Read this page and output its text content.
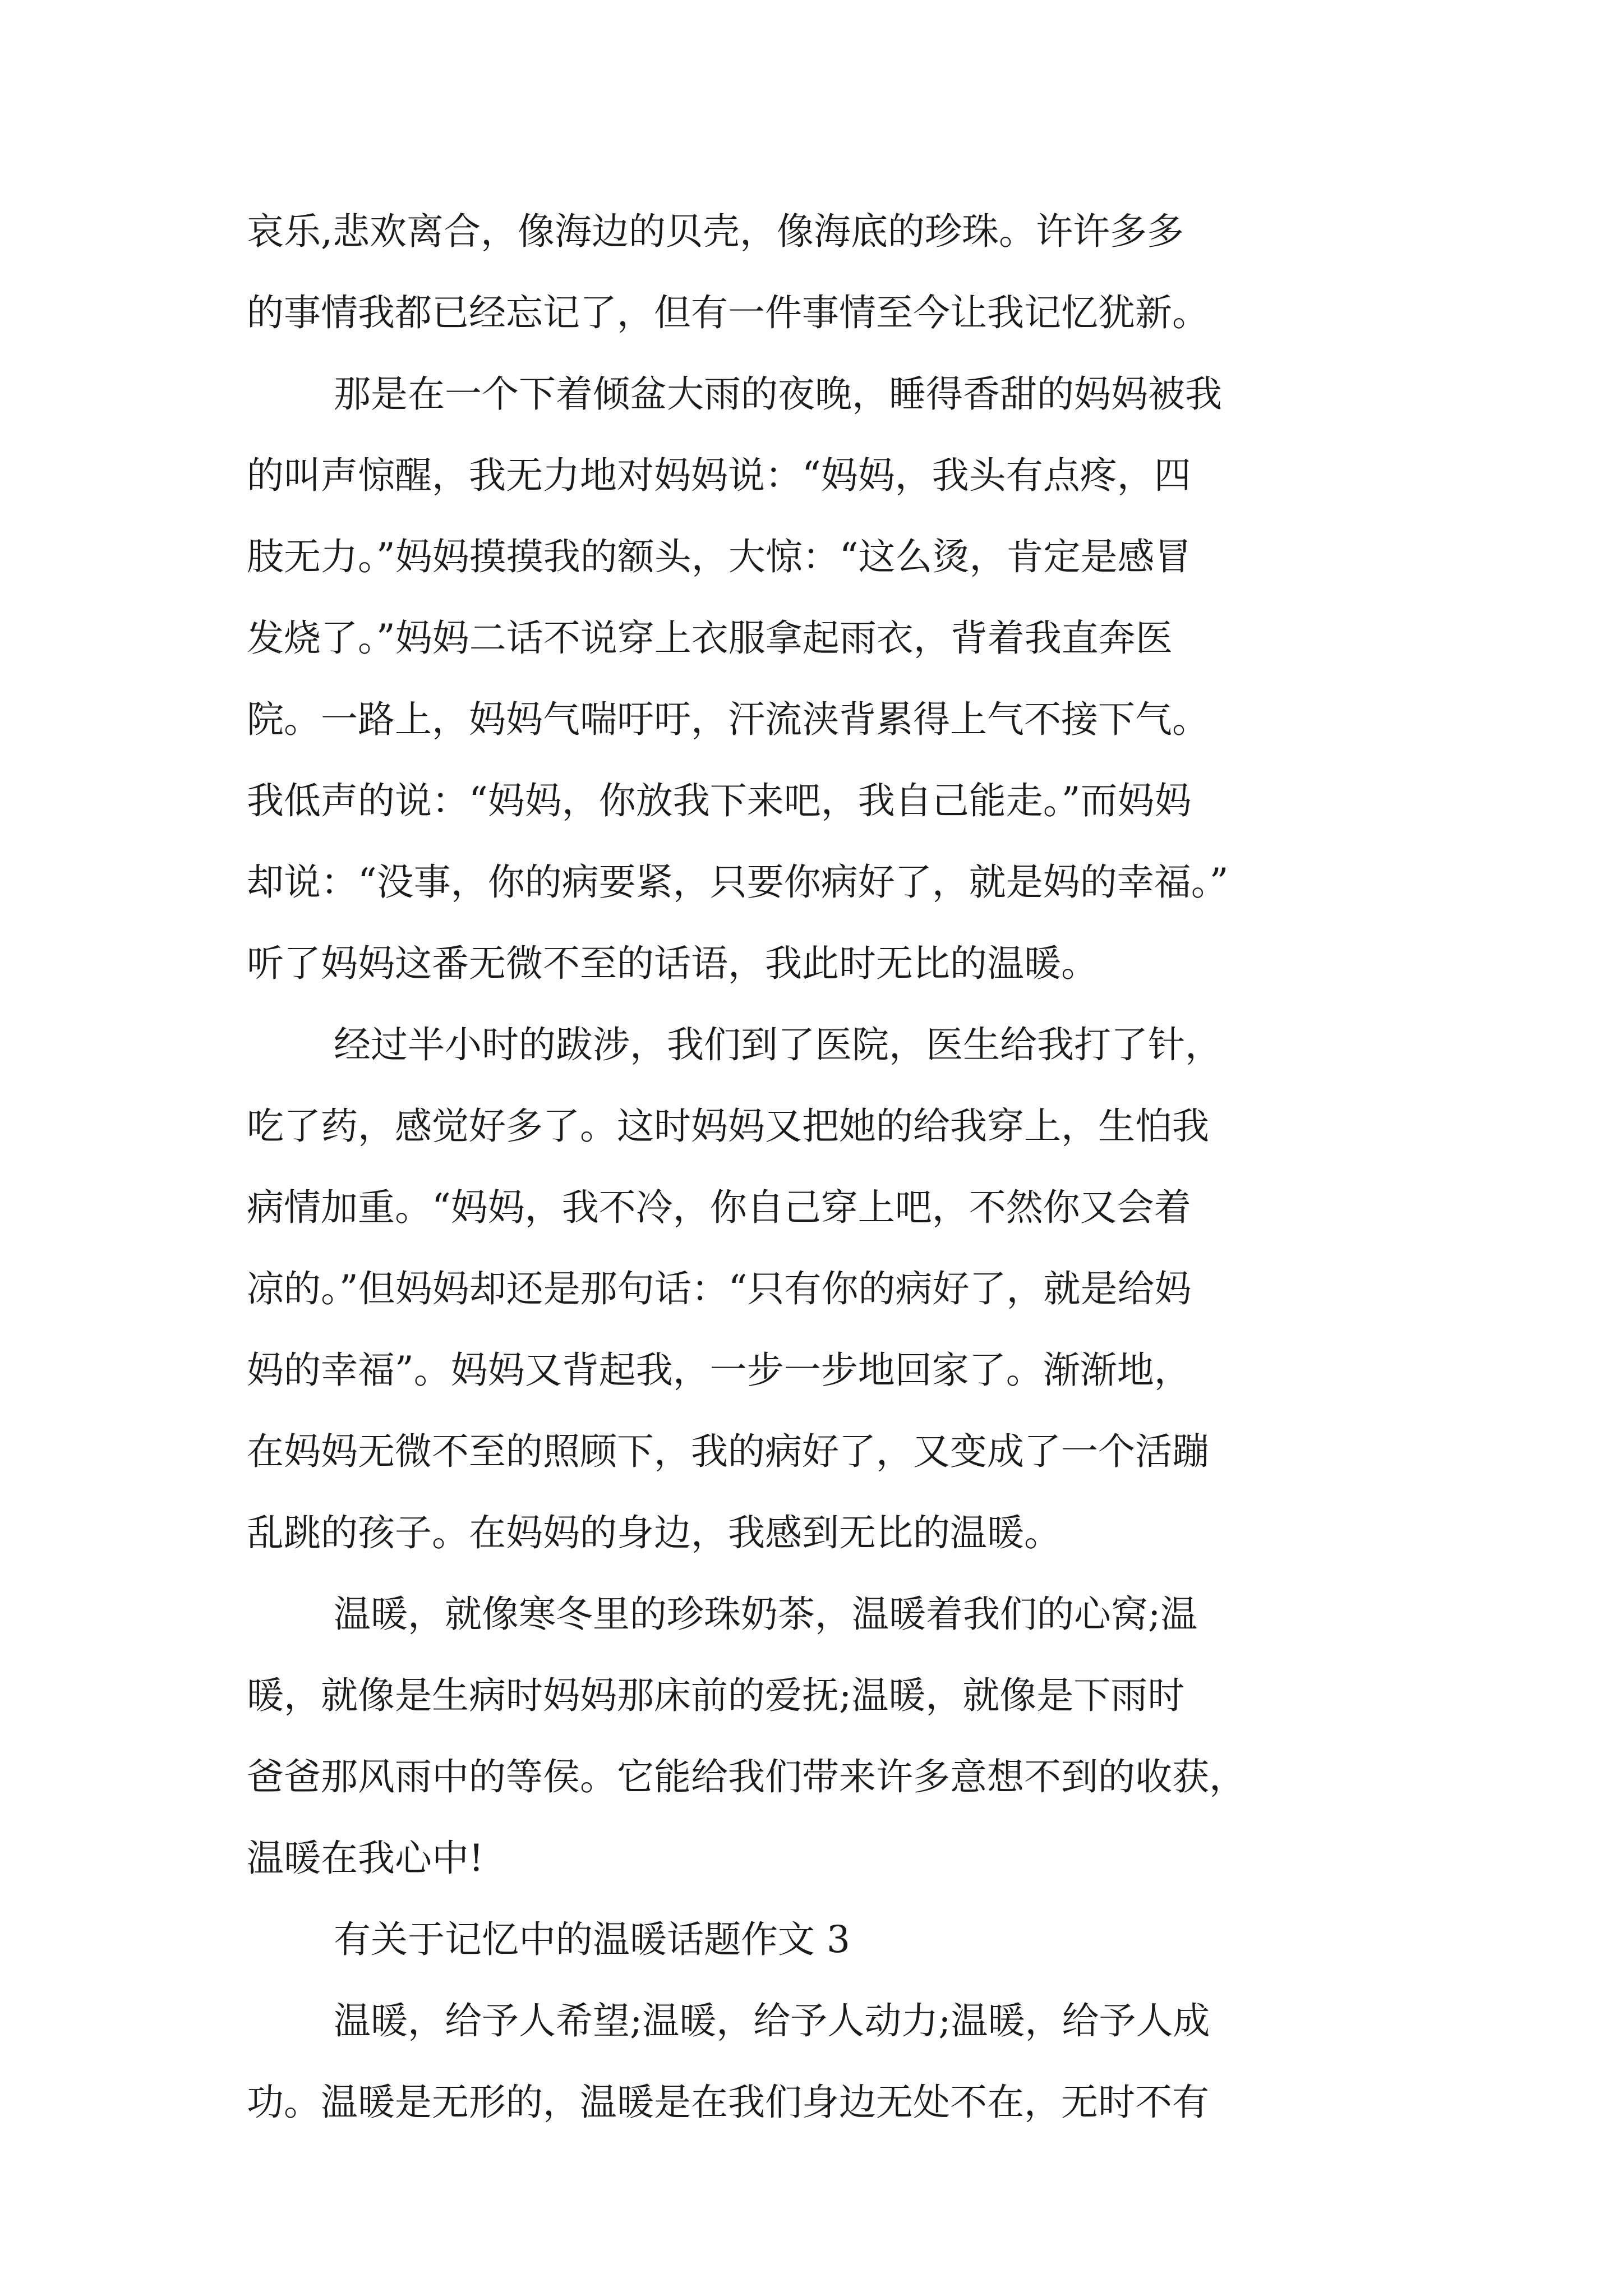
哀乐,悲欢离合，像海边的贝壳，像海底的珍珠。许许多多
的事情我都已经忘记了，但有一件事情至今让我记忆犹新。
那是在一个下着倾盆大雨的夜晚，睡得香甜的妈妈被我
的叫声惊醒，我无力地对妈妈说：“妈妈，我头有点疼，四
肢无力。”妈妈摸摸我的额头，大惊：“这么烫，肯定是感冒
发烧了。”妈妈二话不说穿上衣服拿起雨衣，背着我直奔医
院。一路上，妈妈气喘吁吁，汗流浃背累得上气不接下气。
我低声的说：“妈妈，你放我下来吧，我自己能走。”而妈妈
却说：“没事，你的病要紧，只要你病好了，就是妈的幸福。”
听了妈妈这番无微不至的话语，我此时无比的温暖。
经过半小时的跋涉，我们到了医院，医生给我打了针，
吃了药，感觉好多了。这时妈妈又把她的给我穿上，生怕我
病情加重。“妈妈，我不冷，你自己穿上吧，不然你又会着
凉的。”但妈妈却还是那句话：“只有你的病好了，就是给妈
妈的幸福”。妈妈又背起我，一步一步地回家了。渐渐地，
在妈妈无微不至的照顾下，我的病好了，又变成了一个活蹦
乱跳的孩子。在妈妈的身边，我感到无比的温暖。
温暖，就像寒冬里的珍珠奶茶，温暖着我们的心窝;温
暖，就像是生病时妈妈那床前的爱抚;温暖，就像是下雨时
爸爸那风雨中的等侯。它能给我们带来许多意想不到的收获，
温暖在我心中!
有关于记忆中的温暖话题作文 3
温暖，给予人希望;温暖，给予人动力;温暖，给予人成
功。温暖是无形的，温暖是在我们身边无处不在，无时不有
